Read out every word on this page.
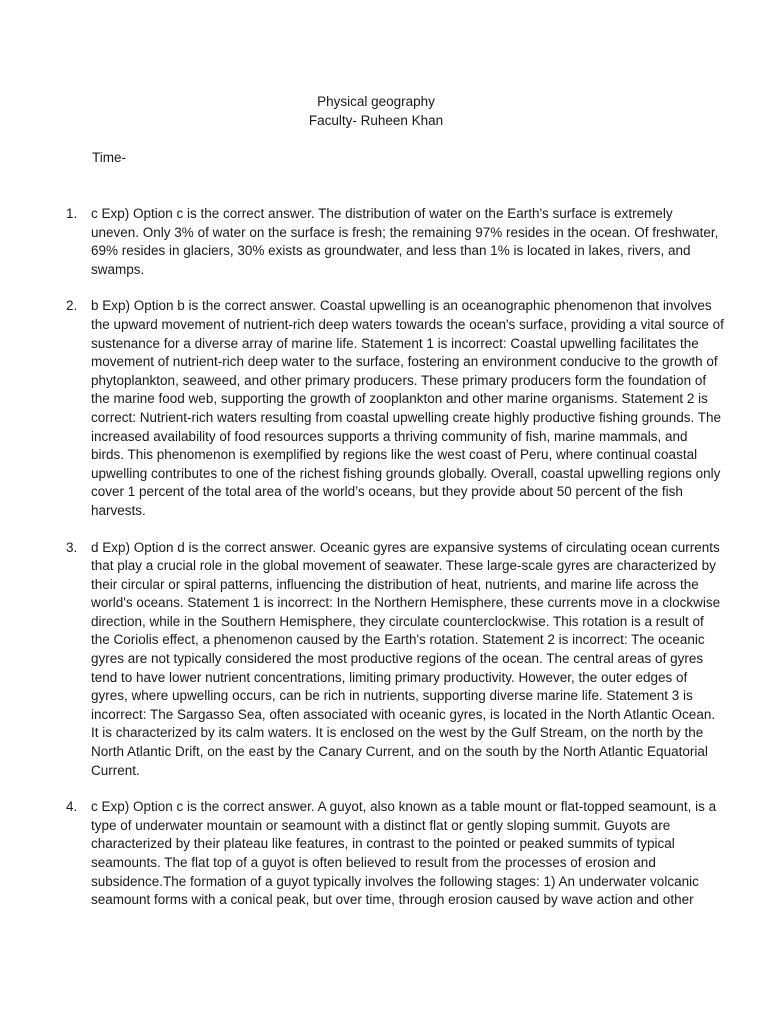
Physical geography
Faculty- Ruheen Khan
Time-
1. c Exp) Option c is the correct answer. The distribution of water on the Earth's surface is extremely uneven. Only 3% of water on the surface is fresh; the remaining 97% resides in the ocean. Of freshwater, 69% resides in glaciers, 30% exists as groundwater, and less than 1% is located in lakes, rivers, and swamps.
2. b Exp) Option b is the correct answer. Coastal upwelling is an oceanographic phenomenon that involves the upward movement of nutrient-rich deep waters towards the ocean's surface, providing a vital source of sustenance for a diverse array of marine life. Statement 1 is incorrect: Coastal upwelling facilitates the movement of nutrient-rich deep water to the surface, fostering an environment conducive to the growth of phytoplankton, seaweed, and other primary producers. These primary producers form the foundation of the marine food web, supporting the growth of zooplankton and other marine organisms. Statement 2 is correct: Nutrient-rich waters resulting from coastal upwelling create highly productive fishing grounds. The increased availability of food resources supports a thriving community of fish, marine mammals, and birds. This phenomenon is exemplified by regions like the west coast of Peru, where continual coastal upwelling contributes to one of the richest fishing grounds globally. Overall, coastal upwelling regions only cover 1 percent of the total area of the world’s oceans, but they provide about 50 percent of the fish harvests.
3. d Exp) Option d is the correct answer. Oceanic gyres are expansive systems of circulating ocean currents that play a crucial role in the global movement of seawater. These large-scale gyres are characterized by their circular or spiral patterns, influencing the distribution of heat, nutrients, and marine life across the world's oceans. Statement 1 is incorrect: In the Northern Hemisphere, these currents move in a clockwise direction, while in the Southern Hemisphere, they circulate counterclockwise. This rotation is a result of the Coriolis effect, a phenomenon caused by the Earth's rotation. Statement 2 is incorrect: The oceanic gyres are not typically considered the most productive regions of the ocean. The central areas of gyres tend to have lower nutrient concentrations, limiting primary productivity. However, the outer edges of gyres, where upwelling occurs, can be rich in nutrients, supporting diverse marine life. Statement 3 is incorrect: The Sargasso Sea, often associated with oceanic gyres, is located in the North Atlantic Ocean. It is characterized by its calm waters. It is enclosed on the west by the Gulf Stream, on the north by the North Atlantic Drift, on the east by the Canary Current, and on the south by the North Atlantic Equatorial Current.
4. c Exp) Option c is the correct answer. A guyot, also known as a table mount or flat-topped seamount, is a type of underwater mountain or seamount with a distinct flat or gently sloping summit. Guyots are characterized by their plateau like features, in contrast to the pointed or peaked summits of typical seamounts. The flat top of a guyot is often believed to result from the processes of erosion and subsidence.The formation of a guyot typically involves the following stages: 1) An underwater volcanic seamount forms with a conical peak, but over time, through erosion caused by wave action and other
